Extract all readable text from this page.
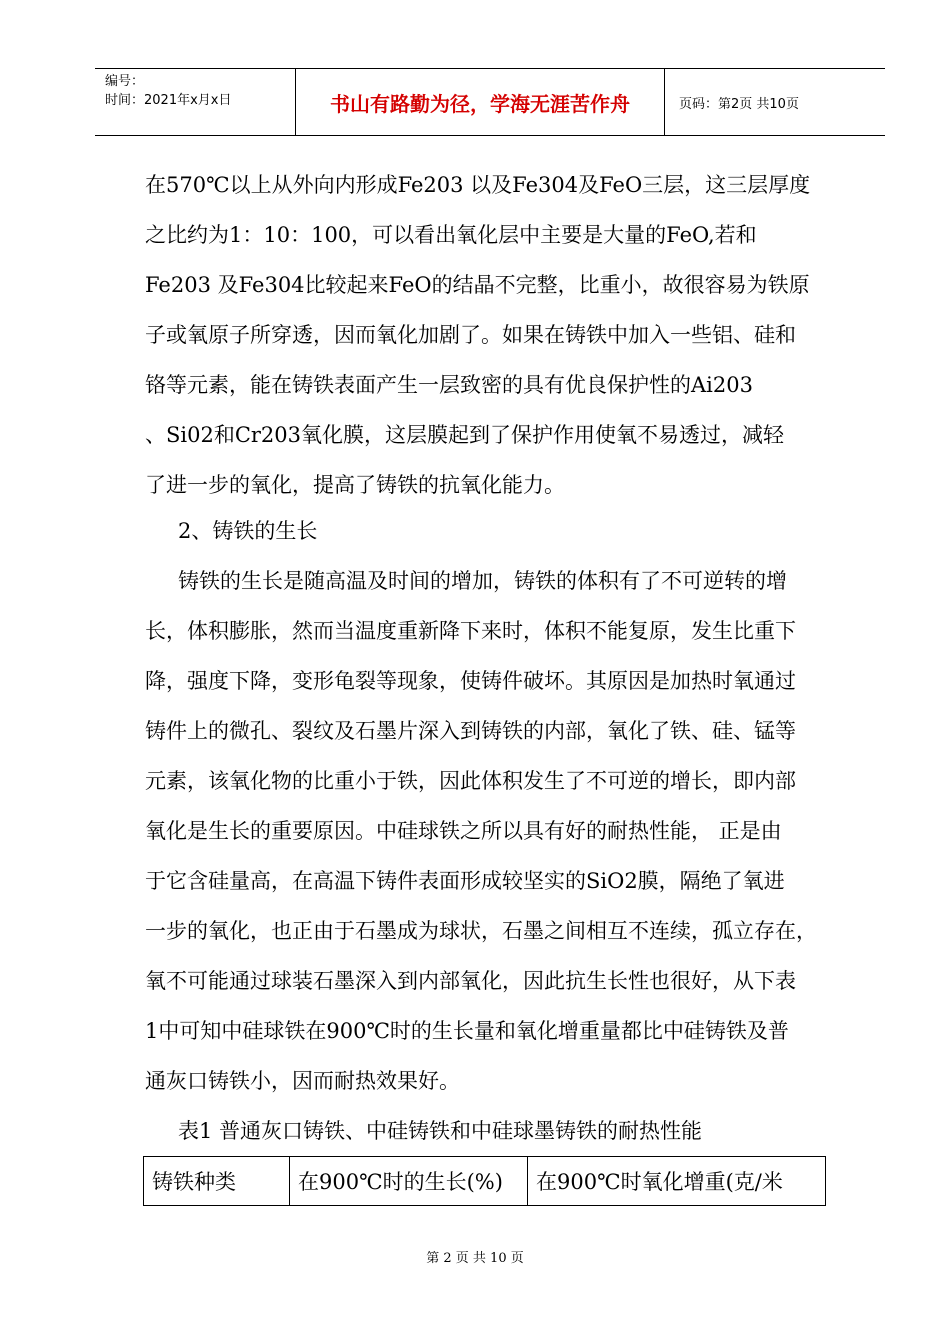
编号：
时间：2021年x月x日	书山有路勤为径，学海无涯苦作舟	页码：第2页 共10页
在570℃以上从外向内形成Fe203 以及Fe304及FeO三层，这三层厚度
之比约为1：10：100，可以看出氧化层中主要是大量的FeO,若和
Fe203 及Fe304比较起来FeO的结晶不完整，比重小，故很容易为铁原
子或氧原子所穿透，因而氧化加剧了。如果在铸铁中加入一些铝、硅和
铬等元素，能在铸铁表面产生一层致密的具有优良保护性的Ai203
、Si02和Cr203氧化膜，这层膜起到了保护作用使氧不易透过，减轻
了进一步的氧化，提高了铸铁的抗氧化能力。
2、铸铁的生长
铸铁的生长是随高温及时间的增加，铸铁的体积有了不可逆转的增
长，体积膨胀，然而当温度重新降下来时，体积不能复原，发生比重下
降，强度下降，变形龟裂等现象，使铸件破坏。其原因是加热时氧通过
铸件上的微孔、裂纹及石墨片深入到铸铁的内部，氧化了铁、硅、锰等
元素，该氧化物的比重小于铁，因此体积发生了不可逆的增长，即内部
氧化是生长的重要原因。中硅球铁之所以具有好的耐热性能， 正是由
于它含硅量高，在高温下铸件表面形成较坚实的SiO2膜，隔绝了氧进
一步的氧化，也正由于石墨成为球状，石墨之间相互不连续，孤立存在，
氧不可能通过球装石墨深入到内部氧化，因此抗生长性也很好，从下表
1中可知中硅球铁在900℃时的生长量和氧化增重量都比中硅铸铁及普
通灰口铸铁小，因而耐热效果好。
表1 普通灰口铸铁、中硅铸铁和中硅球墨铸铁的耐热性能
铸铁种类	在900℃时的生长(%)	在900℃时氧化增重(克/米
第 2 页 共 10 页
